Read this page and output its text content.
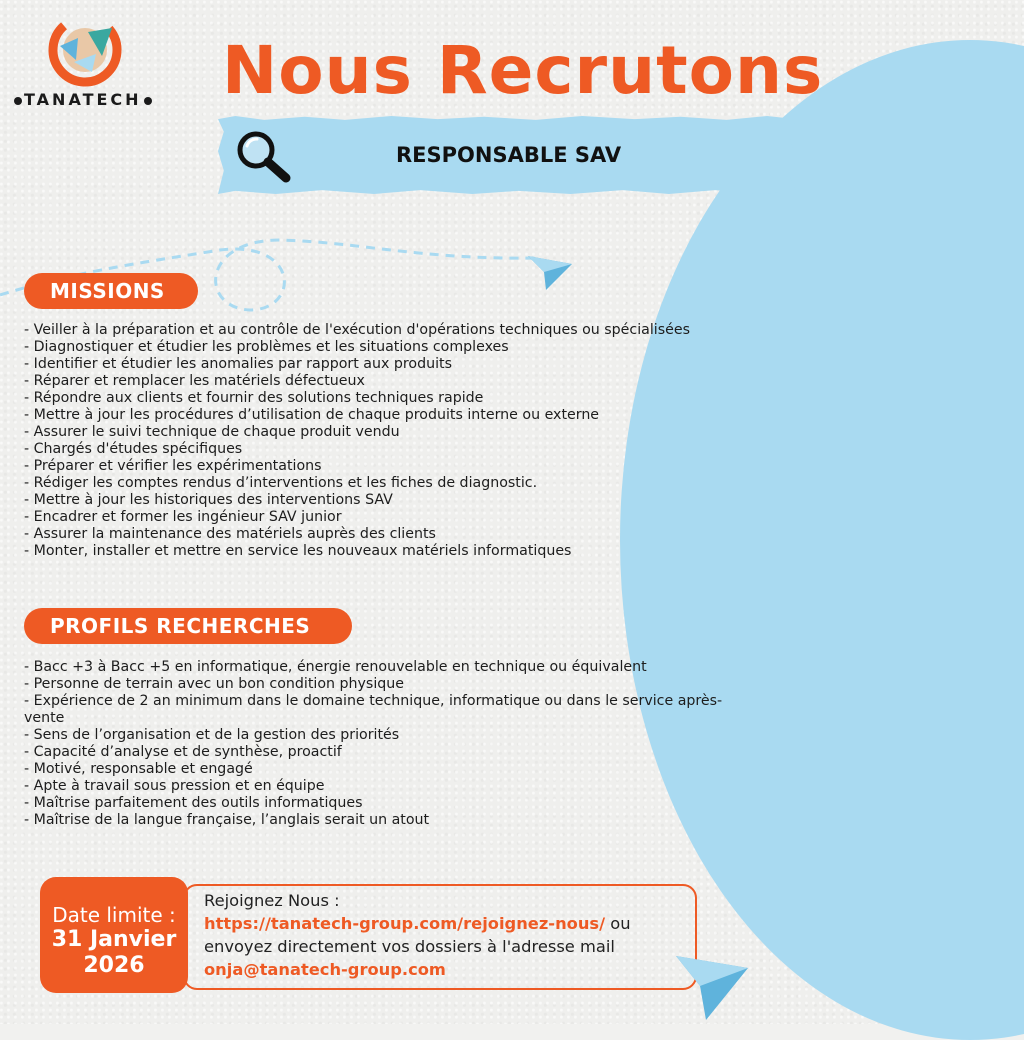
TANATECH Nous Recrutons
RESPONSABLE SAV
MISSIONS
- Veiller à la préparation et au contrôle de l'exécution d'opérations techniques ou spécialisées
- Diagnostiquer et étudier les problèmes et les situations complexes
- Identifier et étudier les anomalies par rapport aux produits
- Réparer et remplacer les matériels défectueux
- Répondre aux clients et fournir des solutions techniques rapide
- Mettre à jour les procédures d’utilisation de chaque produits interne ou externe
- Assurer le suivi technique de chaque produit vendu
- Chargés d'études spécifiques
- Préparer et vérifier les expérimentations
- Rédiger les comptes rendus d’interventions et les fiches de diagnostic.
- Mettre à jour les historiques des interventions SAV
- Encadrer et former les ingénieur SAV junior
- Assurer la maintenance des matériels auprès des clients
- Monter, installer et mettre en service les nouveaux matériels informatiques
PROFILS RECHERCHES
- Bacc +3 à Bacc +5 en informatique, énergie renouvelable en technique ou équivalent
- Personne de terrain avec un bon condition physique
- Expérience de 2 an minimum dans le domaine technique, informatique ou dans le service après-vente
- Sens de l’organisation et de la gestion des priorités
- Capacité d’analyse et de synthèse, proactif
- Motivé, responsable et engagé
- Apte à travail sous pression et en équipe
- Maîtrise parfaitement des outils informatiques
- Maîtrise de la langue française, l’anglais serait un atout
Date limite :
31 Janvier
2026
Rejoignez Nous :
https://tanatech-group.com/rejoignez-nous/ ou
envoyez directement vos dossiers à l'adresse mail
onja@tanatech-group.com
